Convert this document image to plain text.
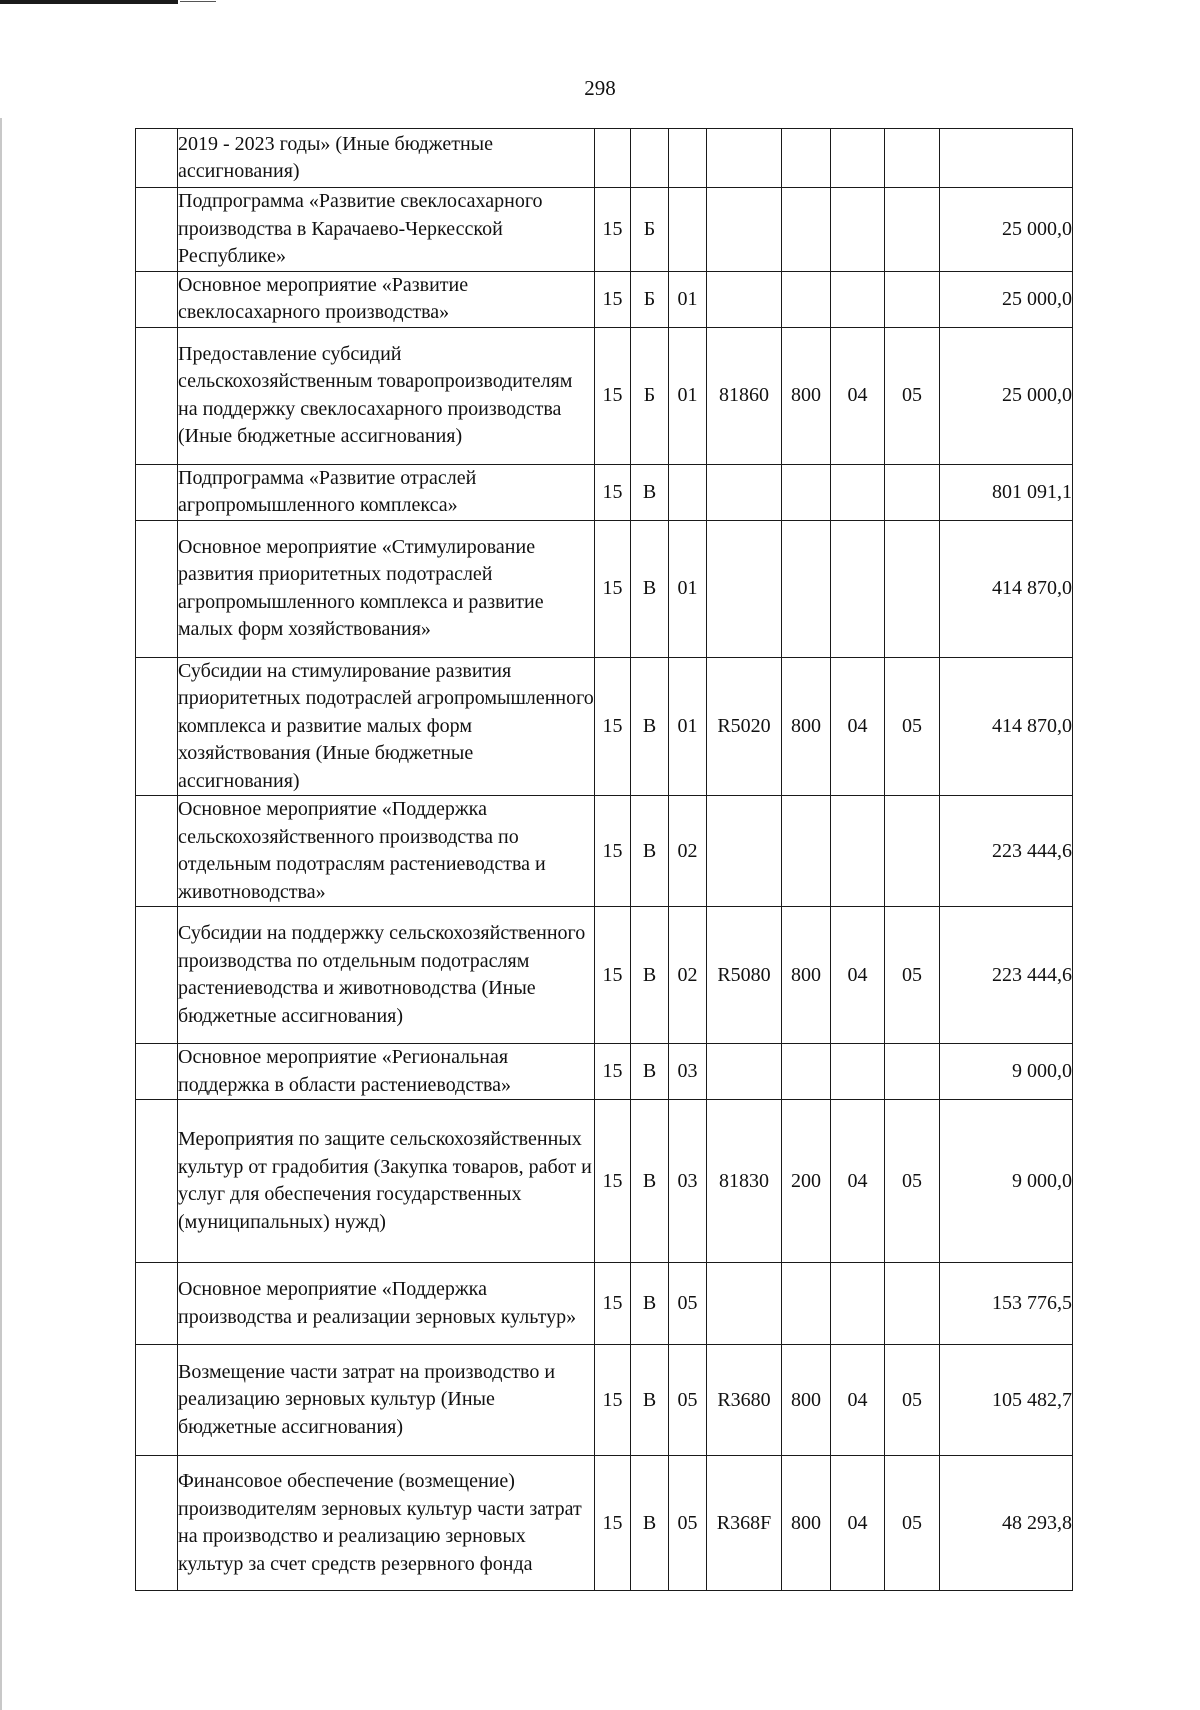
298
	2019 - 2023 годы» (Иные бюджетные ассигнования)								
	Подпрограмма «Развитие свеклосахарного производства в Карачаево-Черкесской Республике»	15	Б						25 000,0
	Основное мероприятие «Развитие свеклосахарного производства»	15	Б	01					25 000,0
	Предоставление субсидий сельскохозяйственным товаропроизводителям на поддержку свеклосахарного производства (Иные бюджетные ассигнования)	15	Б	01	81860	800	04	05	25 000,0
	Подпрограмма «Развитие отраслей агропромышленного комплекса»	15	В						801 091,1
	Основное мероприятие «Стимулирование развития приоритетных подотраслей агропромышленного комплекса и развитие малых форм хозяйствования»	15	В	01					414 870,0
	Субсидии на стимулирование развития приоритетных подотраслей агропромышленного комплекса и развитие малых форм хозяйствования (Иные бюджетные ассигнования)	15	В	01	R5020	800	04	05	414 870,0
	Основное мероприятие «Поддержка сельскохозяйственного производства по отдельным подотраслям растениеводства и животноводства»	15	В	02					223 444,6
	Субсидии на поддержку сельскохозяйственного производства по отдельным подотраслям растениеводства и животноводства (Иные бюджетные ассигнования)	15	В	02	R5080	800	04	05	223 444,6
	Основное мероприятие «Региональная поддержка в области растениеводства»	15	В	03					9 000,0
	Мероприятия по защите сельскохозяйственных культур от градобития (Закупка товаров, работ и услуг для обеспечения государственных (муниципальных) нужд)	15	В	03	81830	200	04	05	9 000,0
	Основное мероприятие «Поддержка производства и реализации зерновых культур»	15	В	05					153 776,5
	Возмещение части затрат на производство и реализацию зерновых культур (Иные бюджетные ассигнования)	15	В	05	R3680	800	04	05	105 482,7
	Финансовое обеспечение (возмещение) производителям зерновых культур части затрат на производство и реализацию зерновых культур за счет средств резервного фонда	15	В	05	R368F	800	04	05	48 293,8
